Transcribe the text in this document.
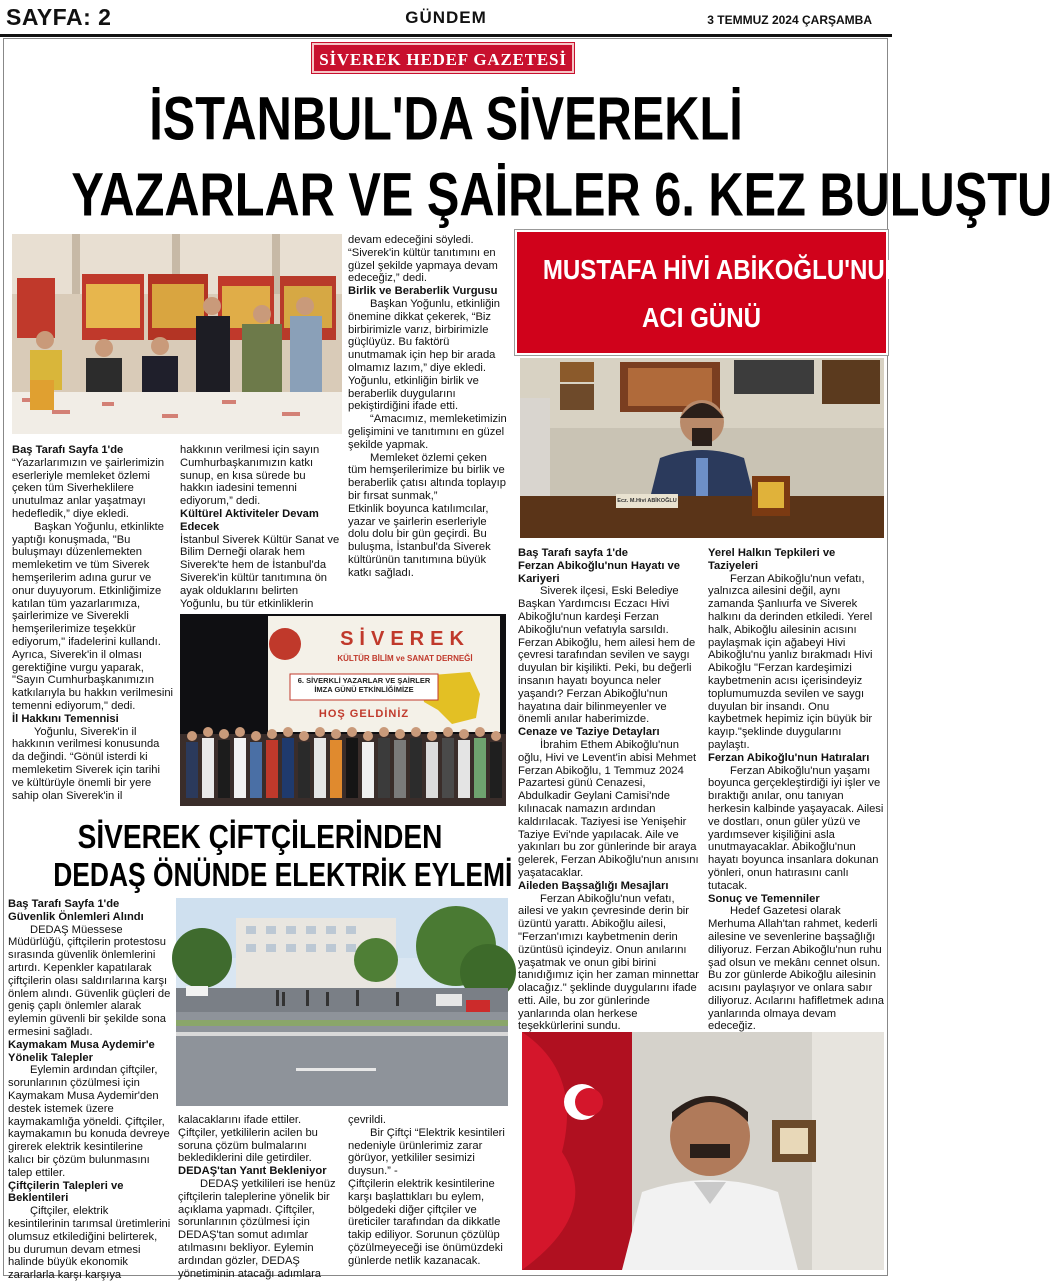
SAYFA: 2	GÜNDEM	3 TEMMUZ 2024 ÇARŞAMBA
SİVEREK HEDEF GAZETESİ
İSTANBUL'DA SİVEREKLİ
YAZARLAR VE ŞAİRLER 6. KEZ BULUŞTU

Baş Tarafı Sayfa 1'de

“Yazarlarımızın ve şairlerimizin eserleriyle memleket özlemi çeken tüm Siverheklilere unutulmaz anlar yaşatmayı hedefledik,” diye ekledi.

Başkan Yoğunlu, etkinlikte yaptığı konuşmada, "Bu buluşmayı düzenlemekten memleketim ve tüm Siverek hemşerilerim adına gurur ve onur duyuyorum. Etkinliğimize katılan tüm yazarlarımıza, şairlerimize ve Siverekli hemşerilerimize teşekkür ediyorum," ifadelerini kullandı. Ayrıca, Siverek'in il olması gerektiğine vurgu yaparak, "Sayın Cumhurbaşkanımızın katkılarıyla bu hakkın verilmesini temenni ediyorum," dedi.

İl Hakkını Temennisi

Yoğunlu, Siverek'in il hakkının verilmesi konusunda da değindi. “Gönül isterdi ki memleketim Siverek için tarihi ve kültürüyle önemli bir yere sahip olan Siverek'in il

hakkının verilmesi için sayın Cumhurbaşkanımızın katkı sunup, en kısa sürede bu hakkın iadesini temenni ediyorum,” dedi.

Kültürel Aktiviteler Devam Edecek

İstanbul Siverek Kültür Sanat ve Bilim Derneği olarak hem Siverek'te hem de İstanbul'da Siverek'in kültür tanıtımına ön ayak olduklarını belirten Yoğunlu, bu tür etkinliklerin

devam edeceğini söyledi. “Siverek'in kültür tanıtımını en güzel şekilde yapmaya devam edeceğiz,” dedi.

Birlik ve Beraberlik Vurgusu

Başkan Yoğunlu, etkinliğin önemine dikkat çekerek, “Biz birbirimizle varız, birbirimizle güçlüyüz. Bu faktörü unutmamak için hep bir arada olmamız lazım,” diye ekledi. Yoğunlu, etkinliğin birlik ve beraberlik duygularını pekiştirdiğini ifade etti.

“Amacımız, memleketimizin gelişimini ve tanıtımını en güzel şekilde yapmak.

Memleket özlemi çeken tüm hemşerilerimize bu birlik ve beraberlik çatısı altında toplayıp bir fırsat sunmak,”

Etkinlik boyunca katılımcılar, yazar ve şairlerin eserleriyle dolu dolu bir gün geçirdi. Bu buluşma, İstanbul'da Siverek kültürünün tanıtımına büyük katkı sağladı.

SİVEREK
KÜLTÜR BİLİM ve SANAT DERNEĞİ
6. SİVERKLİ YAZARLAR VE ŞAİRLER İMZA GÜNÜ ETKİNLİĞİMİZE
HOŞ GELDİNİZ
MUSTAFA HİVİ ABİKOĞLU'NUN
ACI GÜNÜ
Ecz. M.Hivi ABİKOĞLU

Baş Tarafı sayfa 1'de

Ferzan Abikoğlu'nun Hayatı ve Kariyeri

Siverek ilçesi, Eski Belediye Başkan Yardımcısı Eczacı Hivi Abikoğlu'nun kardeşi Ferzan Abikoğlu'nun vefatıyla sarsıldı. Ferzan Abikoğlu, hem ailesi hem de çevresi tarafından sevilen ve saygı duyulan bir kişilikti. Peki, bu değerli insanın hayatı boyunca neler yaşandı? Ferzan Abikoğlu'nun hayatına dair bilinmeyenler ve önemli anılar haberimizde.

Cenaze ve Taziye Detayları

İbrahim Ethem Abikoğlu'nun oğlu, Hivi ve Levent'in abisi Mehmet Ferzan Abikoğlu, 1 Temmuz 2024 Pazartesi günü Cenazesi, Abdulkadir Geylani Camisi'nde kılınacak namazın ardından kaldırılacak. Taziyesi ise Yenişehir Taziye Evi'nde yapılacak. Aile ve yakınları bu zor günlerinde bir araya gelerek, Ferzan Abikoğlu'nun anısını yaşatacaklar.

Aileden Başsağlığı Mesajları

Ferzan Abikoğlu'nun vefatı, ailesi ve yakın çevresinde derin bir üzüntü yarattı. Abikoğlu ailesi, "Ferzan'ımızı kaybetmenin derin üzüntüsü içindeyiz. Onun anılarını yaşatmak ve onun gibi birini tanıdığımız için her zaman minnettar olacağız." şeklinde duygularını ifade etti. Aile, bu zor günlerinde yanlarında olan herkese teşekkürlerini sundu.

Yerel Halkın Tepkileri ve Taziyeleri

Ferzan Abikoğlu'nun vefatı, yalnızca ailesini değil, aynı zamanda Şanlıurfa ve Siverek halkını da derinden etkiledi. Yerel halk, Abikoğlu ailesinin acısını paylaşmak için ağabeyi Hivi Abikoğlu'nu yanlız bırakmadı Hivi Abikoğlu "Ferzan kardeşimizi kaybetmenin acısı içerisindeyiz toplumumuzda sevilen ve saygı duyulan bir insandı. Onu kaybetmek hepimiz için büyük bir kayıp."şeklinde duygularını paylaştı.

Ferzan Abikoğlu'nun Hatıraları

Ferzan Abikoğlu'nun yaşamı boyunca gerçekleştirdiği iyi işler ve bıraktığı anılar, onu tanıyan herkesin kalbinde yaşayacak. Ailesi ve dostları, onun güler yüzü ve yardımsever kişiliğini asla unutmayacaklar. Abikoğlu'nun hayatı boyunca insanlara dokunan yönleri, onun hatırasını canlı tutacak.

Sonuç ve Temenniler

Hedef Gazetesi olarak Merhuma Allah'tan rahmet, kederli ailesine ve sevenlerine başsağlığı diliyoruz. Ferzan Abikoğlu'nun ruhu şad olsun ve mekânı cennet olsun. Bu zor günlerde Abikoğlu ailesinin acısını paylaşıyor ve onlara sabır diliyoruz. Acılarını hafifletmek adına yanlarında olmaya devam edeceğiz.

SİVEREK ÇİFTÇİLERİNDEN
DEDAŞ ÖNÜNDE ELEKTRİK EYLEMİ

Baş Tarafı Sayfa 1'de

Güvenlik Önlemleri Alındı

DEDAŞ Müessese Müdürlüğü, çiftçilerin protestosu sırasında güvenlik önlemlerini artırdı. Kepenkler kapatılarak çiftçilerin olası saldırılarına karşı önlem alındı. Güvenlik güçleri de geniş çaplı önlemler alarak eylemin güvenli bir şekilde sona ermesini sağladı.

Kaymakam Musa Aydemir'e Yönelik Talepler

Eylemin ardından çiftçiler, sorunlarının çözülmesi için Kaymakam Musa Aydemir'den destek istemek üzere kaymakamlığa yöneldi. Çiftçiler, kaymakamın bu konuda devreye girerek elektrik kesintilerine kalıcı bir çözüm bulunmasını talep ettiler.

Çiftçilerin Talepleri ve Beklentileri

Çiftçiler, elektrik kesintilerinin tarımsal üretimlerini olumsuz etkilediğini belirterek, bu durumun devam etmesi halinde büyük ekonomik zararlarla karşı karşıya

kalacaklarını ifade ettiler. Çiftçiler, yetkililerin acilen bu soruna çözüm bulmalarını beklediklerini dile getirdiler.

DEDAŞ'tan Yanıt Bekleniyor

DEDAŞ yetkilileri ise henüz çiftçilerin taleplerine yönelik bir açıklama yapmadı. Çiftçiler, sorunlarının çözülmesi için DEDAŞ'tan somut adımlar atılmasını bekliyor. Eylemin ardından gözler, DEDAŞ yönetiminin atacağı adımlara

çevrildi.

Bir Çiftçi “Elektrik kesintileri nedeniyle ürünlerimiz zarar görüyor, yetkililer sesimizi duysun.” -

Çiftçilerin elektrik kesintilerine karşı başlattıkları bu eylem, bölgedeki diğer çiftçiler ve üreticiler tarafından da dikkatle takip ediliyor. Sorunun çözülüp çözülmeyeceği ise önümüzdeki günlerde netlik kazanacak.
